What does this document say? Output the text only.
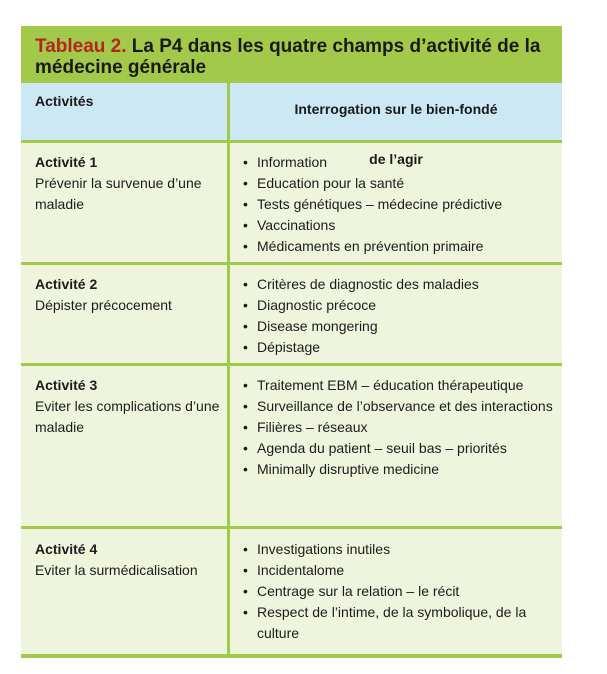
Tableau 2. La P4 dans les quatre champs d’activité de la médecine générale
Activités	Interrogation sur le bien-fondé

de l’agir
Activité 1
Prévenir la survenue d’une maladie
• Information
• Education pour la santé
• Tests génétiques – médecine prédictive
• Vaccinations
• Médicaments en prévention primaire
Activité 2
Dépister précocement
• Critères de diagnostic des maladies
• Diagnostic précoce
• Disease mongering
• Dépistage
Activité 3
Eviter les complications d’une maladie
• Traitement EBM – éducation thérapeutique
• Surveillance de l’observance et des interactions
• Filières – réseaux
• Agenda du patient – seuil bas – priorités
• Minimally disruptive medicine
Activité 4
Eviter la surmédicalisation
• Investigations inutiles
• Incidentalome
• Centrage sur la relation – le récit
• Respect de l’intime, de la symbolique, de la culture
